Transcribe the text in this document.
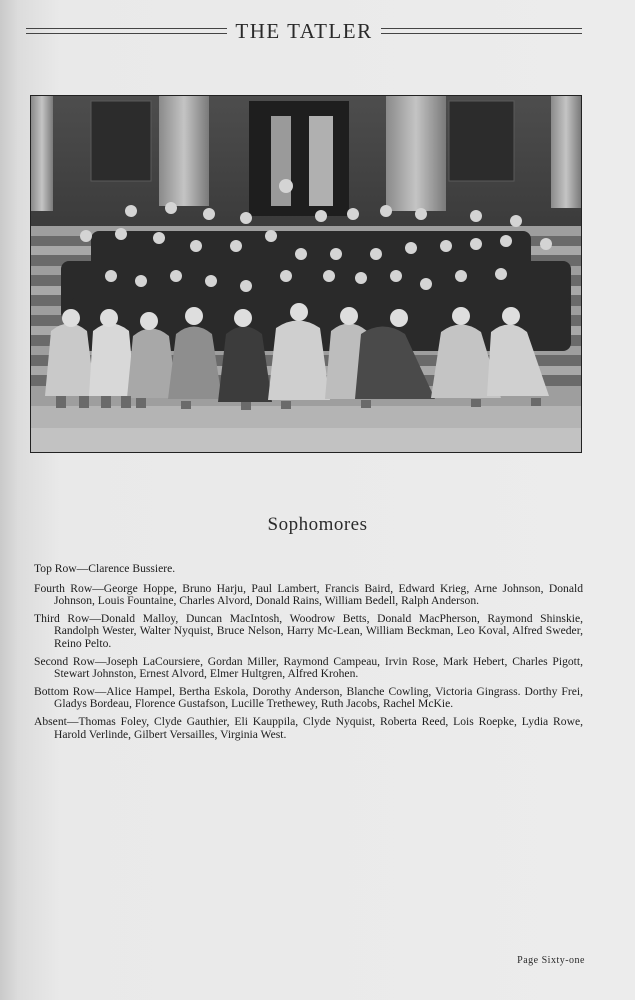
THE TATLER
Sophomores

Top Row—Clarence Bussiere.

Fourth Row—George Hoppe, Bruno Harju, Paul Lambert, Francis Baird, Edward Krieg, Arne Johnson, Donald Johnson, Louis Fountaine, Charles Alvord, Donald Rains, William Bedell, Ralph Anderson.

Third Row—Donald Malloy, Duncan MacIntosh, Woodrow Betts, Donald MacPherson, Raymond Shinskie, Randolph Wester, Walter Nyquist, Bruce Nelson, Harry Mc-Lean, William Beckman, Leo Koval, Alfred Sweder, Reino Pelto.

Second Row—Joseph LaCoursiere, Gordan Miller, Raymond Campeau, Irvin Rose, Mark Hebert, Charles Pigott, Stewart Johnston, Ernest Alvord, Elmer Hultgren, Alfred Krohen.

Bottom Row—Alice Hampel, Bertha Eskola, Dorothy Anderson, Blanche Cowling, Victoria Gingrass. Dorthy Frei, Gladys Bordeau, Florence Gustafson, Lucille Trethewey, Ruth Jacobs, Rachel McKie.

Absent—Thomas Foley, Clyde Gauthier, Eli Kauppila, Clyde Nyquist, Roberta Reed, Lois Roepke, Lydia Rowe, Harold Verlinde, Gilbert Versailles, Virginia West.

Page Sixty-one
